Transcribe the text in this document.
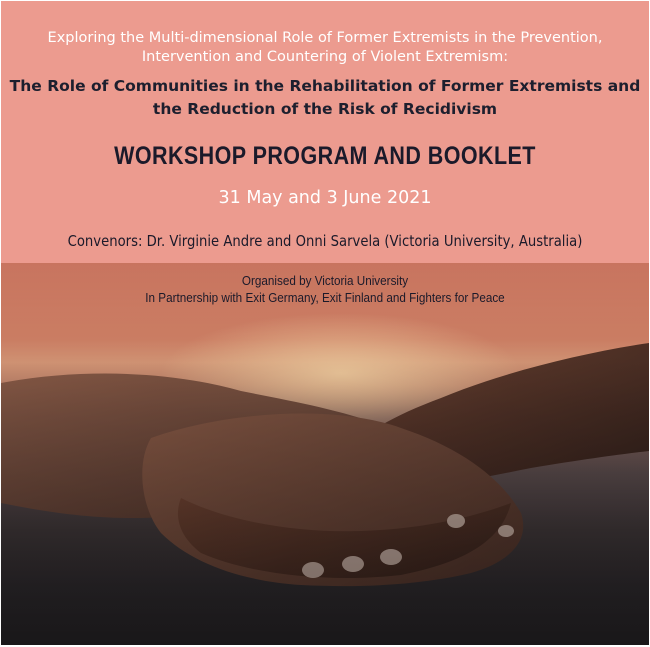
Exploring the Multi-dimensional Role of Former Extremists in the Prevention,
Intervention and Countering of Violent Extremism:
The Role of Communities in the Rehabilitation of Former Extremists and
the Reduction of the Risk of Recidivism
WORKSHOP PROGRAM AND BOOKLET
31 May and 3 June 2021
Convenors: Dr. Virginie Andre and Onni Sarvela (Victoria University, Australia)
Organised by Victoria University
In Partnership with Exit Germany, Exit Finland and Fighters for Peace
